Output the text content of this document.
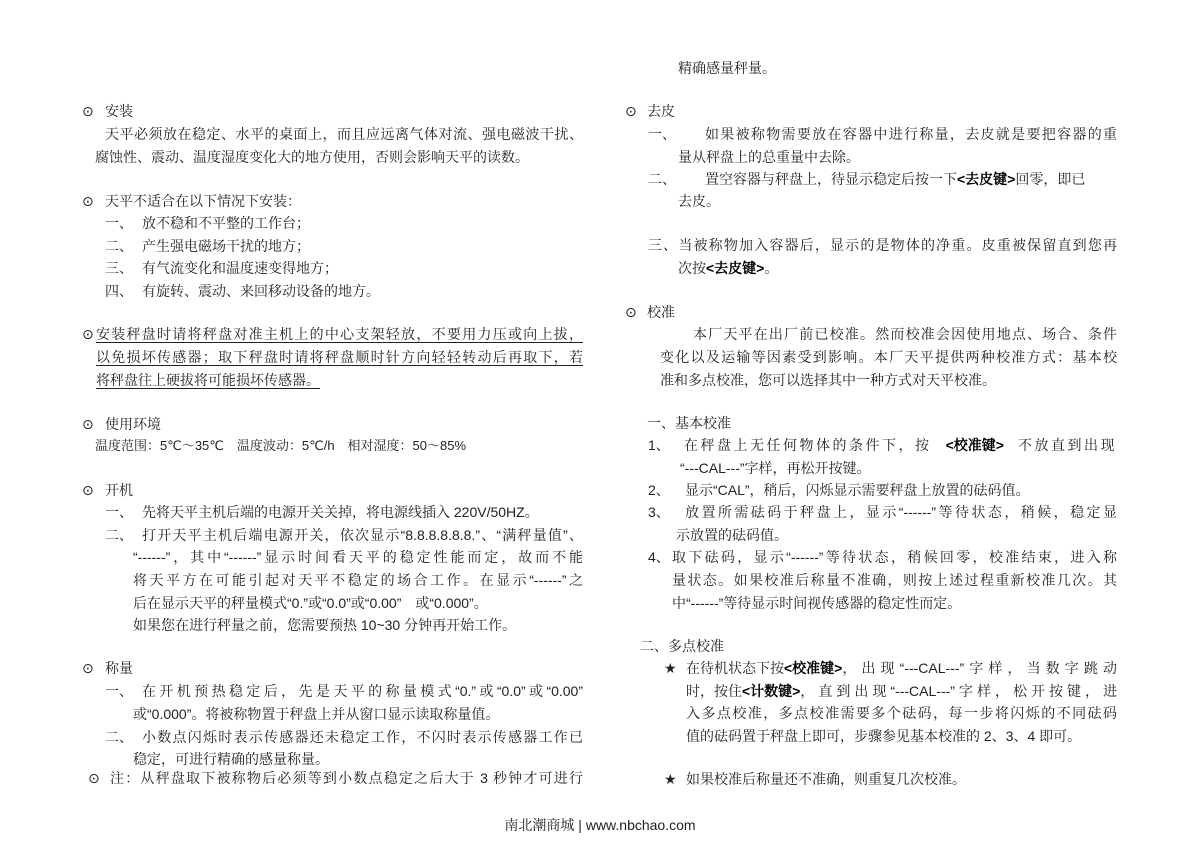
⊙ 安装
天平必须放在稳定、水平的桌面上，而且应远离气体对流、强电磁波干扰、
腐蚀性、震动、温度湿度变化大的地方使用，否则会影响天平的读数。
⊙ 天平不适合在以下情况下安装：
一、 放不稳和不平整的工作台；
二、 产生强电磁场干扰的地方；
三、 有气流变化和温度速变得地方；
四、 有旋转、震动、来回移动设备的地方。
⊙ 安装秤盘时请将秤盘对准主机上的中心支架轻放，不要用力压或向上拔，
以免损坏传感器；取下秤盘时请将秤盘顺时针方向轻轻转动后再取下，若
将秤盘往上硬拔将可能损坏传感器。
⊙ 使用环境
温度范围：5℃～35℃　温度波动：5℃/h　相对湿度：50～85%
⊙ 开机
一、 先将天平主机后端的电源开关关掉，将电源线插入 220V/50HZ。
二、 打开天平主机后端电源开关，依次显示“8.8.8.8.8.8.”、“满秤量值”、
“------”，其中“------”显示时间看天平的稳定性能而定，故而不能
将天平方在可能引起对天平不稳定的场合工作。在显示“------”之
后在显示天平的秤量模式“0.”或“0.0”或“0.00”　或“0.000”。
如果您在进行秤量之前，您需要预热 10~30 分钟再开始工作。
⊙ 称量
一、 在开机预热稳定后，先是天平的称量模式“0.”或“0.0”或“0.00”
或“0.000”。将被称物置于秤盘上并从窗口显示读取称量值。
二、 小数点闪烁时表示传感器还未稳定工作，不闪时表示传感器工作已
稳定，可进行精确的感量称量。
⊙ 注：从秤盘取下被称物后必须等到小数点稳定之后大于 3 秒钟才可进行
精确感量秤量。
⊙ 去皮
一、 如果被称物需要放在容器中进行称量，去皮就是要把容器的重
量从秤盘上的总重量中去除。
二、 置空容器与秤盘上，待显示稳定后按一下<去皮键>回零，即已
去皮。
三、当被称物加入容器后，显示的是物体的净重。皮重被保留直到您再
次按<去皮键>。
⊙ 校准
本厂天平在出厂前已校准。然而校准会因使用地点、场合、条件
变化以及运输等因素受到影响。本厂天平提供两种校准方式：基本校
准和多点校准，您可以选择其中一种方式对天平校准。
一、基本校准
1、 在秤盘上无任何物体的条件下，按 <校准键> 不放直到出现
“---CAL---”字样，再松开按键。
2、 显示“CAL”，稍后，闪烁显示需要秤盘上放置的砝码值。
3、 放置所需砝码于秤盘上，显示“------”等待状态，稍候，稳定显
示放置的砝码值。
4、 取下砝码，显示“------”等待状态，稍候回零，校准结束，进入称
量状态。如果校准后称量不准确，则按上述过程重新校准几次。其
中“------”等待显示时间视传感器的稳定性而定。
二、多点校准
★ 在待机状态下按 <校准键> ，出现“---CAL---”字样，当数字跳动
时，按住 <计数键> ，直到出现“---CAL---”字样，松开按键，进
入多点校准，多点校准需要多个砝码，每一步将闪烁的不同砝码
值的砝码置于秤盘上即可，步骤参见基本校准的 2、3、4 即可。
★ 如果校准后称量还不准确，则重复几次校准。
南北潮商城 | www.nbchao.com
